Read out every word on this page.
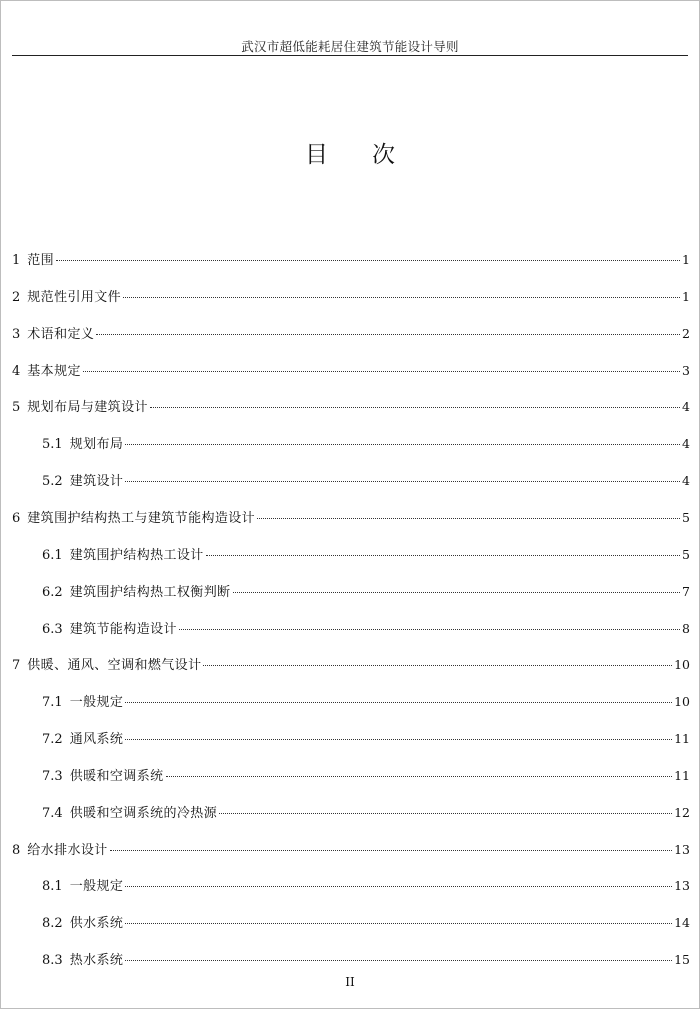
武汉市超低能耗居住建筑节能设计导则
目 次
1 范围	1
2 规范性引用文件	1
3 术语和定义	2
4 基本规定	3
5 规划布局与建筑设计	4
5.1 规划布局	4
5.2 建筑设计	4
6 建筑围护结构热工与建筑节能构造设计	5
6.1 建筑围护结构热工设计	5
6.2 建筑围护结构热工权衡判断	7
6.3 建筑节能构造设计	8
7 供暖、通风、空调和燃气设计	10
7.1 一般规定	10
7.2 通风系统	11
7.3 供暖和空调系统	11
7.4 供暖和空调系统的冷热源	12
8 给水排水设计	13
8.1 一般规定	13
8.2 供水系统	14
8.3 热水系统	15
II
